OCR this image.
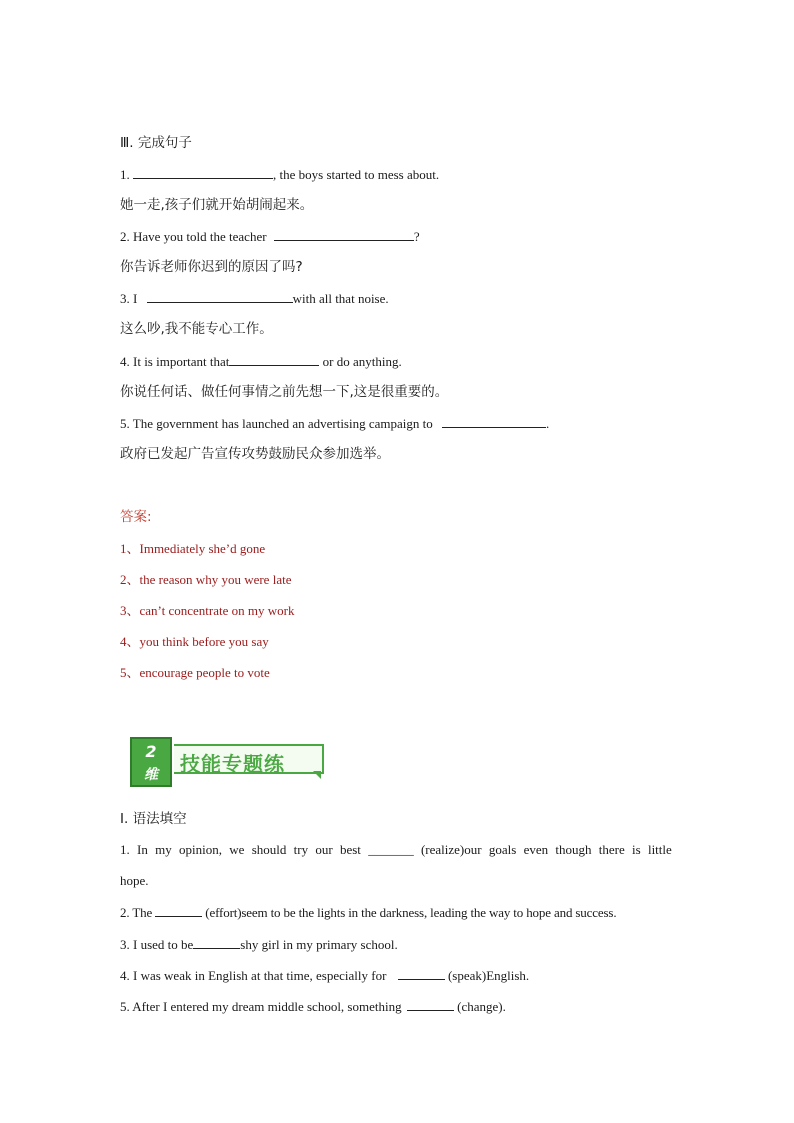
Ⅲ. 完成句子
1.	, the boys started to mess about.
她一走,孩子们就开始胡闹起来。
2. Have you told the teacher	?
你告诉老师你迟到的原因了吗?
3. I	with all that noise.
这么吵,我不能专心工作。
4. It is important that	or do anything.
你说任何话、做任何事情之前先想一下,这是很重要的。
5. The government has launched an advertising campaign to	.
政府已发起广告宣传攻势鼓励民众参加选举。
答案:
1、Immediately she’d gone
2、the reason why you were late
3、can’t concentrate on my work
4、you think before you say
5、encourage people to vote
技能专题练
2
维
I. 语法填空
1. In my opinion, we should try our best _______ (realize)our goals even though there is little
hope.
2. The	(effort)seem to be the lights in the darkness, leading the way to hope and success.
3. I used to be	shy girl in my primary school.
4. I was weak in English at that time, especially for	(speak)English.
5. After I entered my dream middle school, something	(change).
